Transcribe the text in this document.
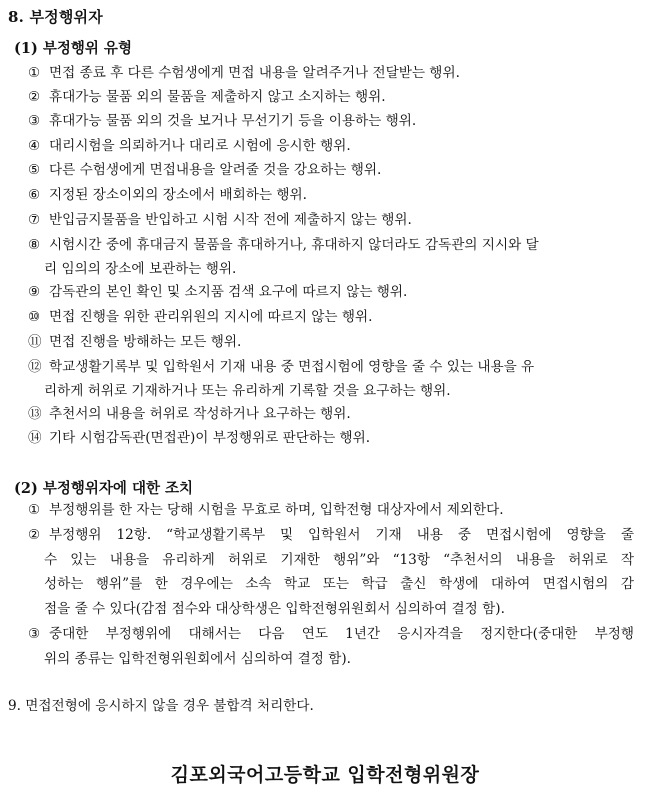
8. 부정행위자
(1) 부정행위 유형
① 면접 종료 후 다른 수험생에게 면접 내용을 알려주거나 전달받는 행위.
② 휴대가능 물품 외의 물품을 제출하지 않고 소지하는 행위.
③ 휴대가능 물품 외의 것을 보거나 무선기기 등을 이용하는 행위.
④ 대리시험을 의뢰하거나 대리로 시험에 응시한 행위.
⑤ 다른 수험생에게 면접내용을 알려줄 것을 강요하는 행위.
⑥ 지정된 장소이외의 장소에서 배회하는 행위.
⑦ 반입금지물품을 반입하고 시험 시작 전에 제출하지 않는 행위.
⑧ 시험시간 중에 휴대금지 물품을 휴대하거나, 휴대하지 않더라도 감독관의 지시와 달
리 임의의 장소에 보관하는 행위.
⑨ 감독관의 본인 확인 및 소지품 검색 요구에 따르지 않는 행위.
⑩ 면접 진행을 위한 관리위원의 지시에 따르지 않는 행위.
⑪ 면접 진행을 방해하는 모든 행위.
⑫ 학교생활기록부 및 입학원서 기재 내용 중 면접시험에 영향을 줄 수 있는 내용을 유
리하게 허위로 기재하거나 또는 유리하게 기록할 것을 요구하는 행위.
⑬ 추천서의 내용을 허위로 작성하거나 요구하는 행위.
⑭ 기타 시험감독관(면접관)이 부정행위로 판단하는 행위.
(2) 부정행위자에 대한 조치
① 부정행위를 한 자는 당해 시험을 무효로 하며, 입학전형 대상자에서 제외한다.
② 부정행위 12항. “학교생활기록부 및 입학원서 기재 내용 중 면접시험에 영향을 줄
수 있는 내용을 유리하게 허위로 기재한 행위”와 “13항 “추천서의 내용을 허위로 작
성하는 행위”를 한 경우에는 소속 학교 또는 학급 출신 학생에 대하여 면접시험의 감
점을 줄 수 있다(감점 점수와 대상학생은 입학전형위원회서 심의하여 결정 함).
③ 중대한 부정행위에 대해서는 다음 연도 1년간 응시자격을 정지한다(중대한 부정행
위의 종류는 입학전형위원회에서 심의하여 결정 함).
9. 면접전형에 응시하지 않을 경우 불합격 처리한다.
김포외국어고등학교 입학전형위원장
